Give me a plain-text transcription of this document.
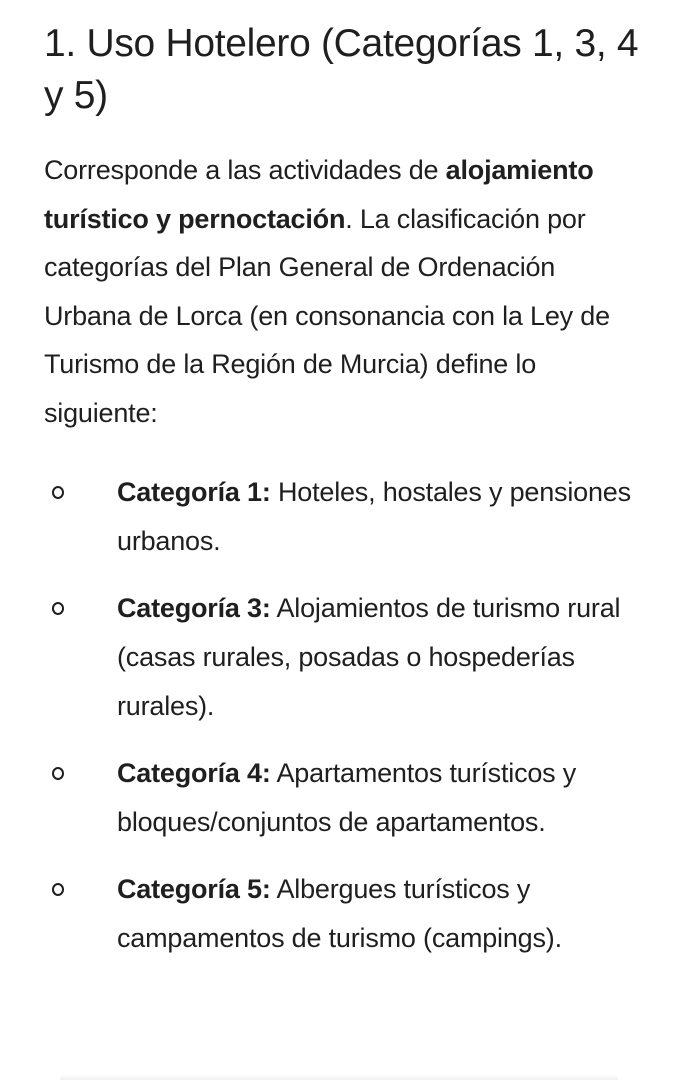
1. Uso Hotelero (Categorías 1, 3, 4 y 5)

Corresponde a las actividades de alojamiento turístico y pernoctación. La clasificación por categorías del Plan General de Ordenación Urbana de Lorca (en consonancia con la Ley de Turismo de la Región de Murcia) define lo siguiente:

Categoría 1: Hoteles, hostales y pensiones urbanos.
Categoría 3: Alojamientos de turismo rural (casas rurales, posadas o hospederías rurales).
Categoría 4: Apartamentos turísticos y bloques/conjuntos de apartamentos.
Categoría 5: Albergues turísticos y campamentos de turismo (campings).
